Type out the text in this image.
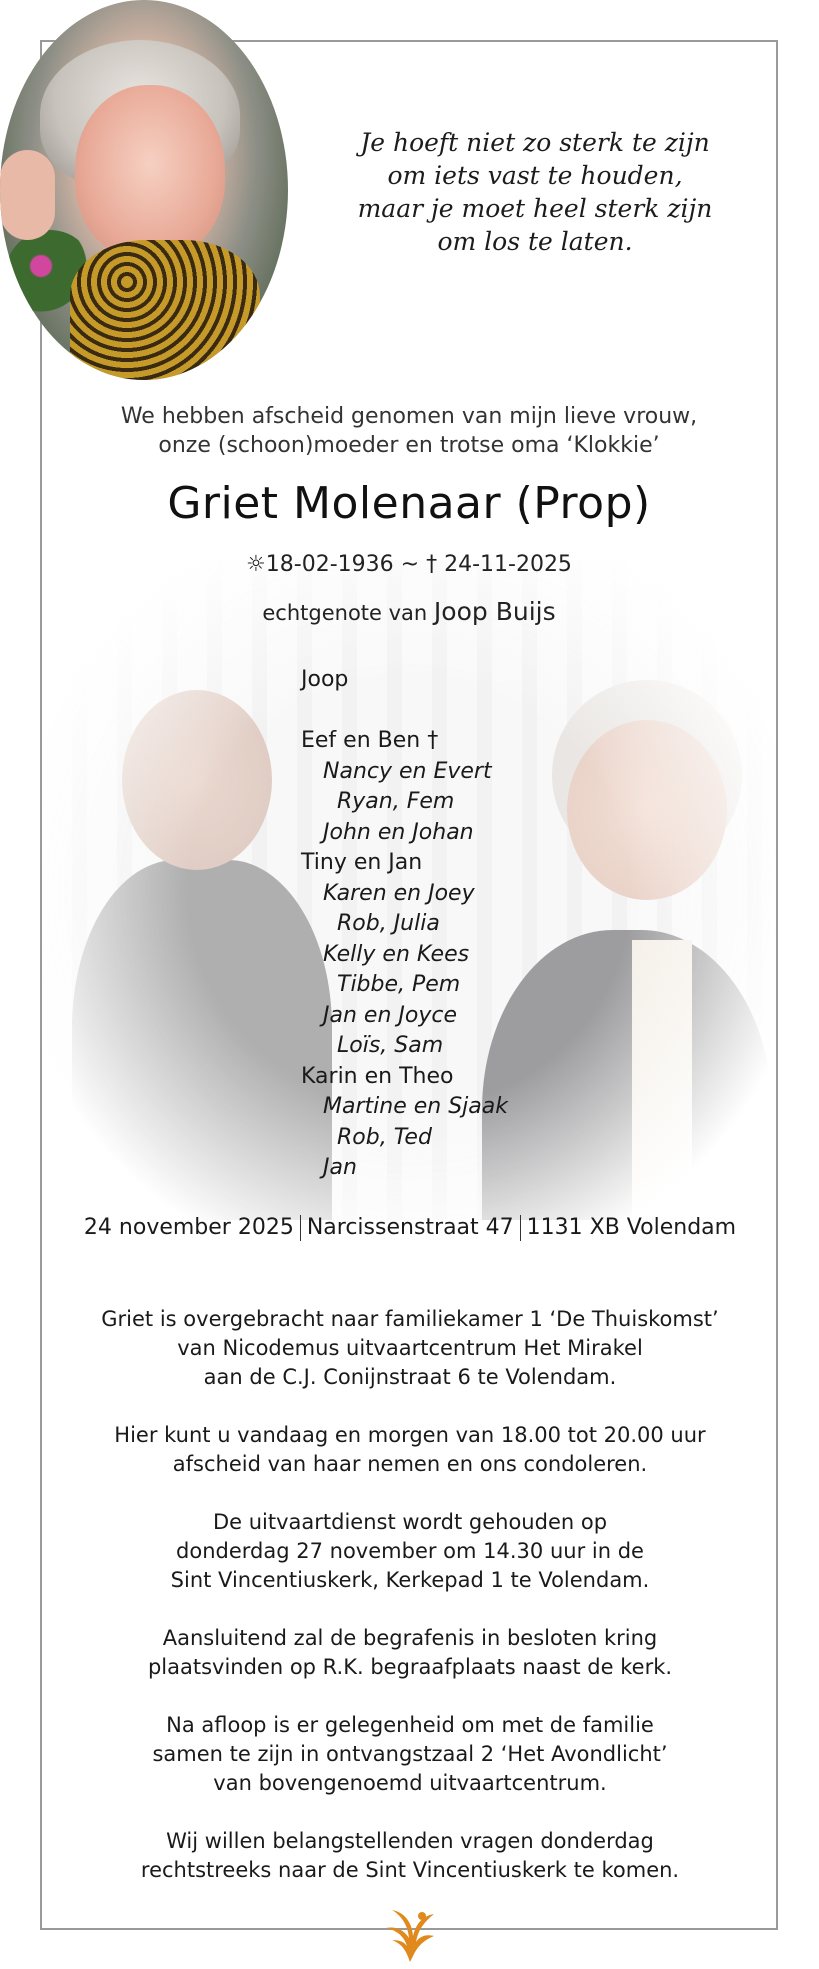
Je hoeft niet zo sterk te zijn
om iets vast te houden,
maar je moet heel sterk zijn
om los te laten.
We hebben afscheid genomen van mijn lieve vrouw,
onze (schoon)moeder en trotse oma ‘Klokkie’
Griet Molenaar (Prop)
☼18-02-1936 ~ † 24-11-2025
echtgenote van Joop Buijs
Joop
Eef en Ben †
Nancy en Evert
Ryan, Fem
John en Johan
Tiny en Jan
Karen en Joey
Rob, Julia
Kelly en Kees
Tibbe, Pem
Jan en Joyce
Loïs, Sam
Karin en Theo
Martine en Sjaak
Rob, Ted
Jan
24 november 2025 Narcissenstraat 47 1131 XB Volendam
Griet is overgebracht naar familiekamer 1 ‘De Thuiskomst’
van Nicodemus uitvaartcentrum Het Mirakel
aan de C.J. Conijnstraat 6 te Volendam.
Hier kunt u vandaag en morgen van 18.00 tot 20.00 uur
afscheid van haar nemen en ons condoleren.
De uitvaartdienst wordt gehouden op
donderdag 27 november om 14.30 uur in de
Sint Vincentiuskerk, Kerkepad 1 te Volendam.
Aansluitend zal de begrafenis in besloten kring
plaatsvinden op R.K. begraafplaats naast de kerk.
Na afloop is er gelegenheid om met de familie
samen te zijn in ontvangstzaal 2 ‘Het Avondlicht’
van bovengenoemd uitvaartcentrum.
Wij willen belangstellenden vragen donderdag
rechtstreeks naar de Sint Vincentiuskerk te komen.
